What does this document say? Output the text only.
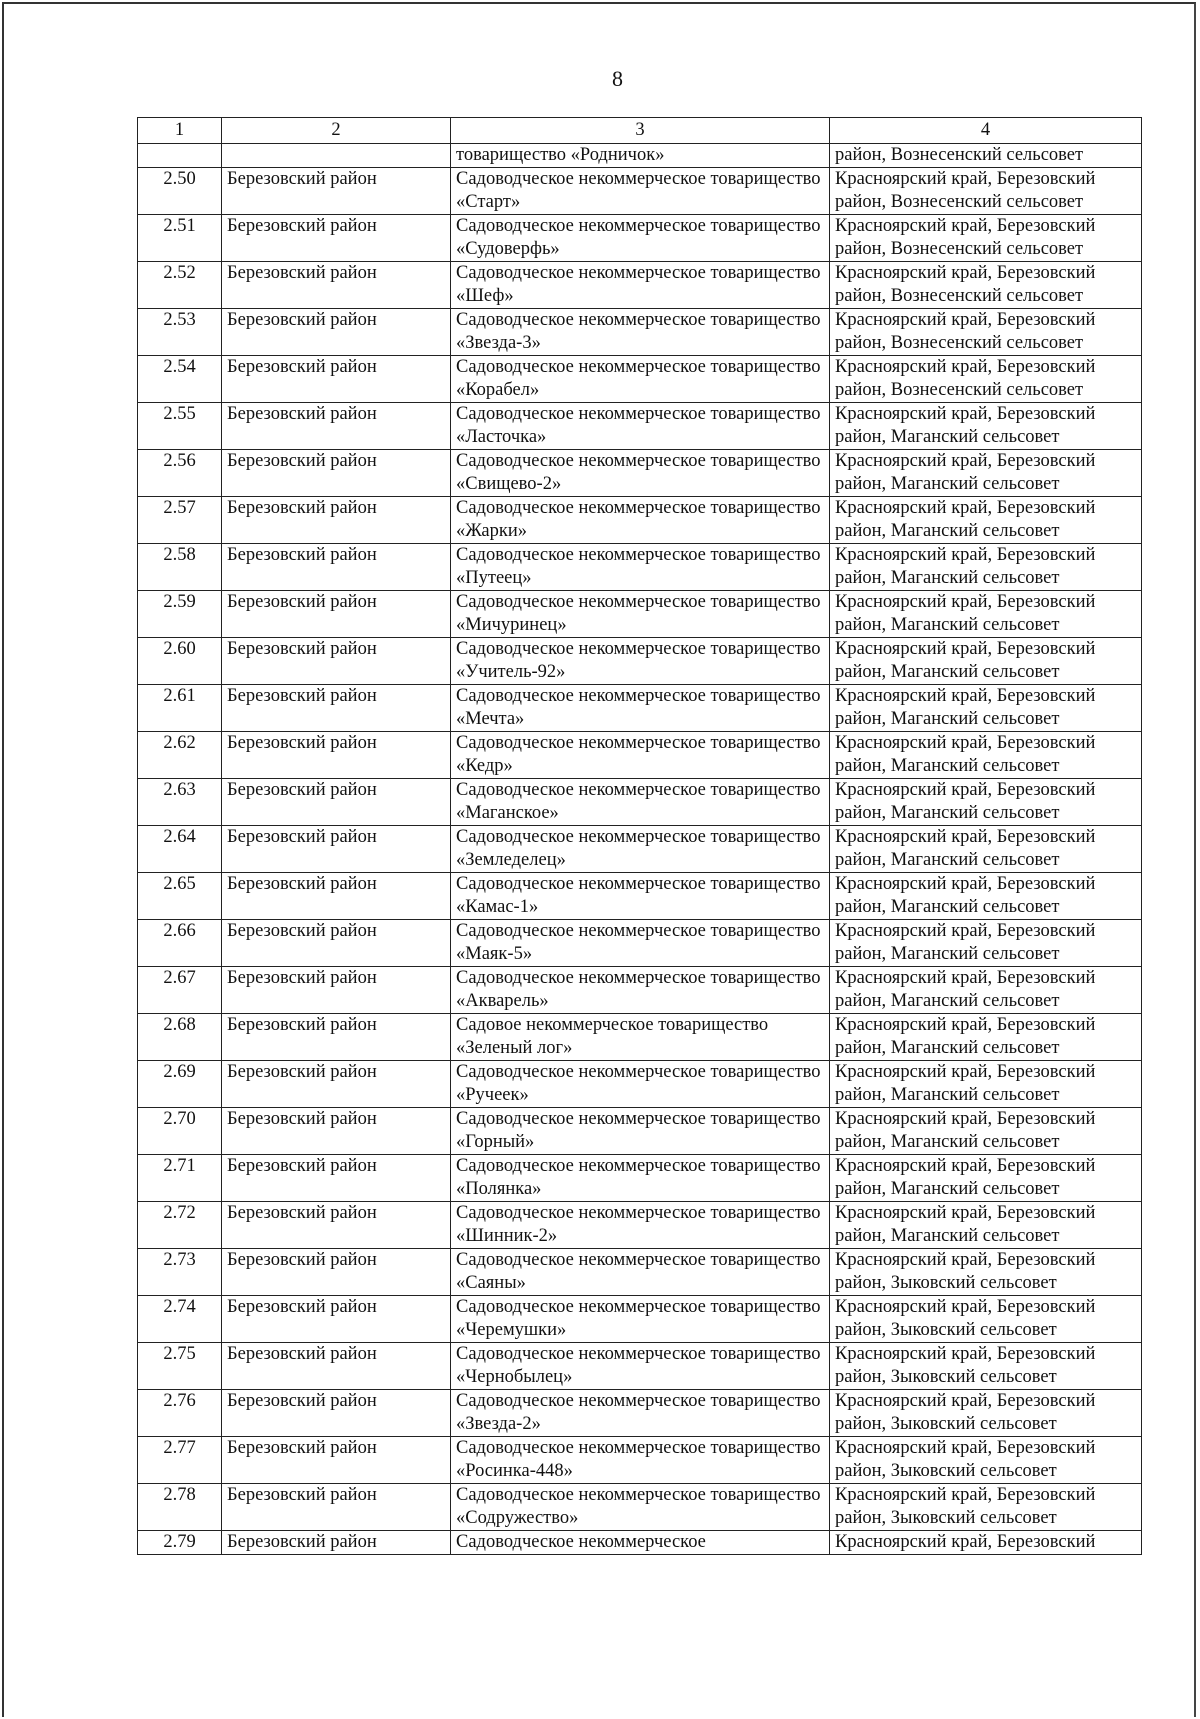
8
1	2	3	4
		товарищество «Родничок»	район, Вознесенский сельсовет
2.50	Березовский район	Садоводческое некоммерческое товарищество «Старт»	Красноярский край, Березовский район, Вознесенский сельсовет
2.51	Березовский район	Садоводческое некоммерческое товарищество «Судоверфь»	Красноярский край, Березовский район, Вознесенский сельсовет
2.52	Березовский район	Садоводческое некоммерческое товарищество «Шеф»	Красноярский край, Березовский район, Вознесенский сельсовет
2.53	Березовский район	Садоводческое некоммерческое товарищество «Звезда-3»	Красноярский край, Березовский район, Вознесенский сельсовет
2.54	Березовский район	Садоводческое некоммерческое товарищество «Корабел»	Красноярский край, Березовский район, Вознесенский сельсовет
2.55	Березовский район	Садоводческое некоммерческое товарищество «Ласточка»	Красноярский край, Березовский район, Маганский сельсовет
2.56	Березовский район	Садоводческое некоммерческое товарищество «Свищево-2»	Красноярский край, Березовский район, Маганский сельсовет
2.57	Березовский район	Садоводческое некоммерческое товарищество «Жарки»	Красноярский край, Березовский район, Маганский сельсовет
2.58	Березовский район	Садоводческое некоммерческое товарищество «Путеец»	Красноярский край, Березовский район, Маганский сельсовет
2.59	Березовский район	Садоводческое некоммерческое товарищество «Мичуринец»	Красноярский край, Березовский район, Маганский сельсовет
2.60	Березовский район	Садоводческое некоммерческое товарищество «Учитель-92»	Красноярский край, Березовский район, Маганский сельсовет
2.61	Березовский район	Садоводческое некоммерческое товарищество «Мечта»	Красноярский край, Березовский район, Маганский сельсовет
2.62	Березовский район	Садоводческое некоммерческое товарищество «Кедр»	Красноярский край, Березовский район, Маганский сельсовет
2.63	Березовский район	Садоводческое некоммерческое товарищество «Маганское»	Красноярский край, Березовский район, Маганский сельсовет
2.64	Березовский район	Садоводческое некоммерческое товарищество «Земледелец»	Красноярский край, Березовский район, Маганский сельсовет
2.65	Березовский район	Садоводческое некоммерческое товарищество «Камас-1»	Красноярский край, Березовский район, Маганский сельсовет
2.66	Березовский район	Садоводческое некоммерческое товарищество «Маяк-5»	Красноярский край, Березовский район, Маганский сельсовет
2.67	Березовский район	Садоводческое некоммерческое товарищество «Акварель»	Красноярский край, Березовский район, Маганский сельсовет
2.68	Березовский район	Садовое некоммерческое товарищество «Зеленый лог»	Красноярский край, Березовский район, Маганский сельсовет
2.69	Березовский район	Садоводческое некоммерческое товарищество «Ручеек»	Красноярский край, Березовский район, Маганский сельсовет
2.70	Березовский район	Садоводческое некоммерческое товарищество «Горный»	Красноярский край, Березовский район, Маганский сельсовет
2.71	Березовский район	Садоводческое некоммерческое товарищество «Полянка»	Красноярский край, Березовский район, Маганский сельсовет
2.72	Березовский район	Садоводческое некоммерческое товарищество «Шинник-2»	Красноярский край, Березовский район, Маганский сельсовет
2.73	Березовский район	Садоводческое некоммерческое товарищество «Саяны»	Красноярский край, Березовский район, Зыковский сельсовет
2.74	Березовский район	Садоводческое некоммерческое товарищество «Черемушки»	Красноярский край, Березовский район, Зыковский сельсовет
2.75	Березовский район	Садоводческое некоммерческое товарищество «Чернобылец»	Красноярский край, Березовский район, Зыковский сельсовет
2.76	Березовский район	Садоводческое некоммерческое товарищество «Звезда-2»	Красноярский край, Березовский район, Зыковский сельсовет
2.77	Березовский район	Садоводческое некоммерческое товарищество «Росинка-448»	Красноярский край, Березовский район, Зыковский сельсовет
2.78	Березовский район	Садоводческое некоммерческое товарищество «Содружество»	Красноярский край, Березовский район, Зыковский сельсовет
2.79	Березовский район	Садоводческое некоммерческое	Красноярский край, Березовский
